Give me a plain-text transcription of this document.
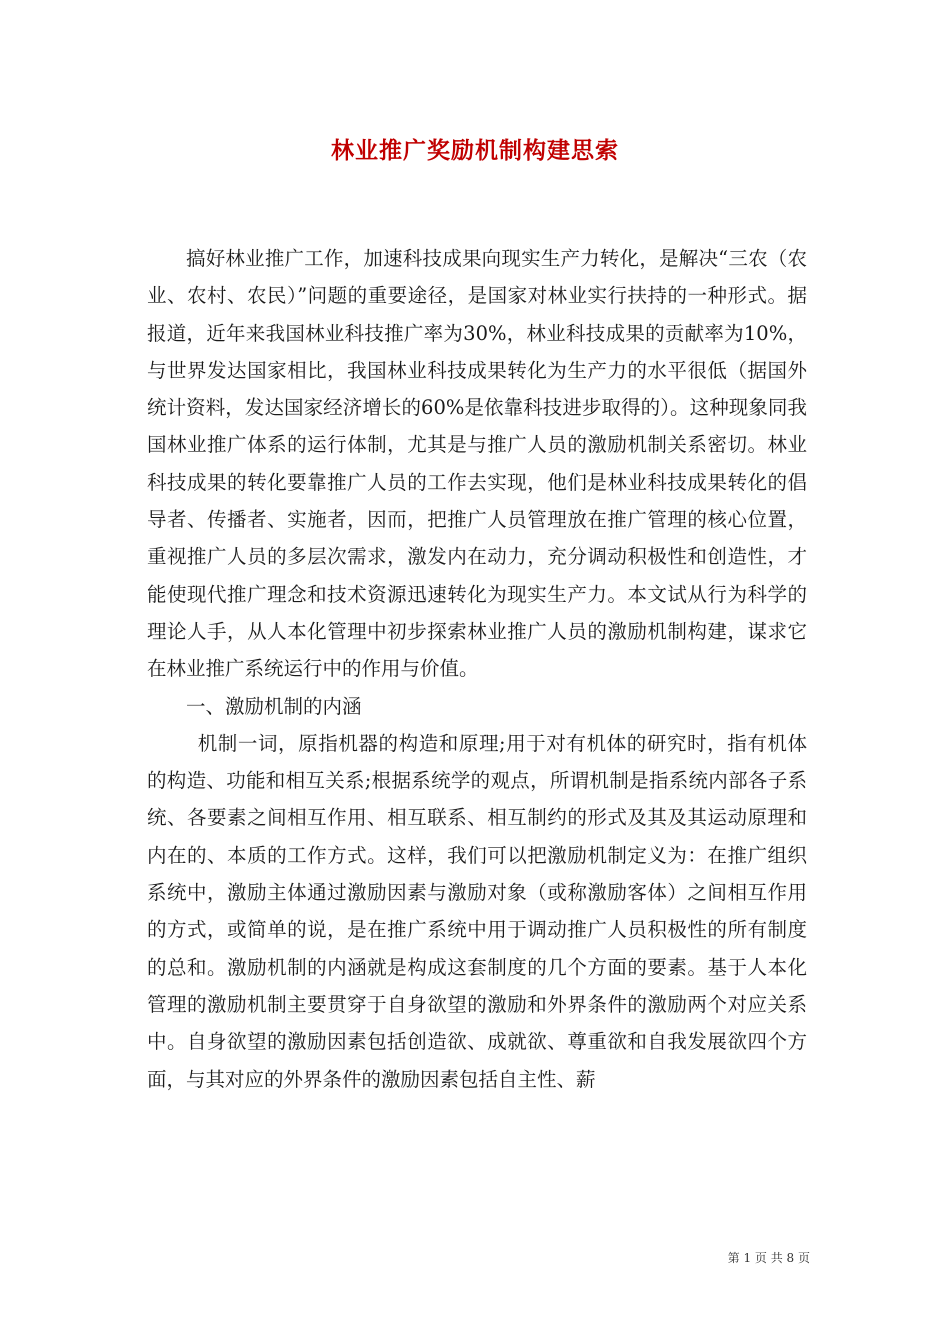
林业推广奖励机制构建思索

搞好林业推广工作，加速科技成果向现实生产力转化，是解决“三农（农业、农村、农民）”问题的重要途径，是国家对林业实行扶持的一种形式。据报道，近年来我国林业科技推广率为30%，林业科技成果的贡献率为10%，与世界发达国家相比，我国林业科技成果转化为生产力的水平很低（据国外统计资料，发达国家经济增长的60%是依靠科技进步取得的）。这种现象同我国林业推广体系的运行体制，尤其是与推广人员的激励机制关系密切。林业科技成果的转化要靠推广人员的工作去实现，他们是林业科技成果转化的倡导者、传播者、实施者，因而，把推广人员管理放在推广管理的核心位置，重视推广人员的多层次需求，激发内在动力，充分调动积极性和创造性，才能使现代推广理念和技术资源迅速转化为现实生产力。本文试从行为科学的理论人手，从人本化管理中初步探索林业推广人员的激励机制构建，谋求它在林业推广系统运行中的作用与价值。

一、激励机制的内涵

机制一词，原指机器的构造和原理;用于对有机体的研究时，指有机体的构造、功能和相互关系;根据系统学的观点，所谓机制是指系统内部各子系统、各要素之间相互作用、相互联系、相互制约的形式及其及其运动原理和内在的、本质的工作方式。这样，我们可以把激励机制定义为：在推广组织系统中，激励主体通过激励因素与激励对象（或称激励客体）之间相互作用的方式，或简单的说，是在推广系统中用于调动推广人员积极性的所有制度的总和。激励机制的内涵就是构成这套制度的几个方面的要素。基于人本化管理的激励机制主要贯穿于自身欲望的激励和外界条件的激励两个对应关系中。自身欲望的激励因素包括创造欲、成就欲、尊重欲和自我发展欲四个方面，与其对应的外界条件的激励因素包括自主性、薪

第 1 页 共 8 页
